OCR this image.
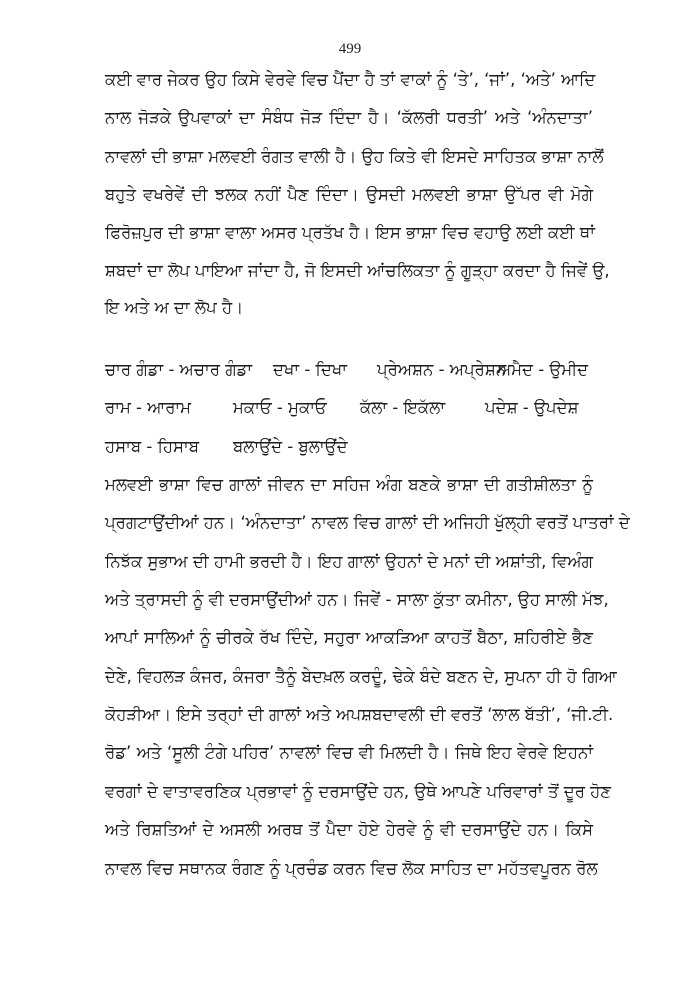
499
ਕਈ ਵਾਰ ਜੇਕਰ ਉਹ ਕਿਸੇ ਵੇਰਵੇ ਵਿਚ ਪੈਂਦਾ ਹੈ ਤਾਂ ਵਾਕਾਂ ਨੂੰ ‘ਤੇ’, ‘ਜਾਂ’, ‘ਅਤੇ’ ਆਦਿ
ਨਾਲ ਜੋੜਕੇ ਉਪਵਾਕਾਂ ਦਾ ਸੰਬੰਧ ਜੋੜ ਦਿੰਦਾ ਹੈ। ‘ਕੱਲਰੀ ਧਰਤੀ’ ਅਤੇ ‘ਅੰਨਦਾਤਾ’
ਨਾਵਲਾਂ ਦੀ ਭਾਸ਼ਾ ਮਲਵਈ ਰੰਗਤ ਵਾਲੀ ਹੈ। ਉਹ ਕਿਤੇ ਵੀ ਇਸਦੇ ਸਾਹਿਤਕ ਭਾਸ਼ਾ ਨਾਲੋਂ
ਬਹੁਤੇ ਵਖਰੇਵੇਂ ਦੀ ਝਲਕ ਨਹੀਂ ਪੈਣ ਦਿੰਦਾ। ਉਸਦੀ ਮਲਵਈ ਭਾਸ਼ਾ ਉੱਪਰ ਵੀ ਮੋਗੇ
ਫਿਰੋਜ਼ਪੁਰ ਦੀ ਭਾਸ਼ਾ ਵਾਲਾ ਅਸਰ ਪ੍ਰਤੱਖ ਹੈ। ਇਸ ਭਾਸ਼ਾ ਵਿਚ ਵਹਾਉ ਲਈ ਕਈ ਥਾਂ
ਸ਼ਬਦਾਂ ਦਾ ਲੋਪ ਪਾਇਆ ਜਾਂਦਾ ਹੈ, ਜੋ ਇਸਦੀ ਆਂਚਲਿਕਤਾ ਨੂੰ ਗੂੜ੍ਹਾ ਕਰਦਾ ਹੈ ਜਿਵੇਂ ਉ,
ਇ ਅਤੇ ਅ ਦਾ ਲੋਪ ਹੈ।
ਚਾਰ ਗੰਡਾ - ਅਚਾਰ ਗੰਡਾ ਦਖਾ - ਦਿਖਾ ਪ੍ਰੇਅਸ਼ਨ - ਅਪ੍ਰੇਸ਼ਨ
ਅਮੈਦ - ਉਮੀਦ
ਰਾਮ - ਆਰਾਮ	ਮਕਾਓ - ਮੁਕਾਓ ਕੱਲਾ - ਇਕੱਲਾ ਪਦੇਸ਼ - ਉਪਦੇਸ਼
ਹਸਾਬ - ਹਿਸਾਬ ਬਲਾਉਂਦੇ - ਬੁਲਾਉਂਦੇ
ਮਲਵਈ ਭਾਸ਼ਾ ਵਿਚ ਗਾਲਾਂ ਜੀਵਨ ਦਾ ਸਹਿਜ ਅੰਗ ਬਣਕੇ ਭਾਸ਼ਾ ਦੀ ਗਤੀਸ਼ੀਲਤਾ ਨੂੰ
ਪ੍ਰਗਟਾਉਂਦੀਆਂ ਹਨ। ‘ਅੰਨਦਾਤਾ’ ਨਾਵਲ ਵਿਚ ਗਾਲਾਂ ਦੀ ਅਜਿਹੀ ਖੁੱਲ੍ਹੀ ਵਰਤੋਂ ਪਾਤਰਾਂ ਦੇ
ਨਿਝੱਕ ਸੁਭਾਅ ਦੀ ਹਾਮੀ ਭਰਦੀ ਹੈ। ਇਹ ਗਾਲਾਂ ਉਹਨਾਂ ਦੇ ਮਨਾਂ ਦੀ ਅਸ਼ਾਂਤੀ, ਵਿਅੰਗ
ਅਤੇ ਤ੍ਰਾਸਦੀ ਨੂੰ ਵੀ ਦਰਸਾਉਂਦੀਆਂ ਹਨ। ਜਿਵੇਂ - ਸਾਲਾ ਕੁੱਤਾ ਕਮੀਨਾ, ਉਹ ਸਾਲੀ ਮੱਝ,
ਆਪਾਂ ਸਾਲਿਆਂ ਨੂੰ ਚੀਰਕੇ ਰੱਖ ਦਿੰਦੇ, ਸਹੁਰਾ ਆਕੜਿਆ ਕਾਹਤੋਂ ਬੈਠਾ, ਸ਼ਹਿਰੀਏ ਭੈਣ
ਦੇਣੇ, ਵਿਹਲੜ ਕੰਜਰ, ਕੰਜਰਾ ਤੈਨੂੰ ਬੇਦਖ਼ਲ ਕਰਦੂੰ, ਢੇਕੇ ਬੰਦੇ ਬਣਨ ਦੇ, ਸੁਪਨਾ ਹੀ ਹੋ ਗਿਆ
ਕੋਹੜੀਆ। ਇਸੇ ਤਰ੍ਹਾਂ ਦੀ ਗਾਲਾਂ ਅਤੇ ਅਪਸ਼ਬਦਾਵਲੀ ਦੀ ਵਰਤੋਂ ‘ਲਾਲ ਬੱਤੀ’, ‘ਜੀ.ਟੀ.
ਰੋਡ’ ਅਤੇ ‘ਸੂਲੀ ਟੰਗੇ ਪਹਿਰ’ ਨਾਵਲਾਂ ਵਿਚ ਵੀ ਮਿਲਦੀ ਹੈ। ਜਿਥੇ ਇਹ ਵੇਰਵੇ ਇਹਨਾਂ
ਵਰਗਾਂ ਦੇ ਵਾਤਾਵਰਣਿਕ ਪ੍ਰਭਾਵਾਂ ਨੂੰ ਦਰਸਾਉਂਦੇ ਹਨ, ਉਥੇ ਆਪਣੇ ਪਰਿਵਾਰਾਂ ਤੋਂ ਦੂਰ ਹੋਣ
ਅਤੇ ਰਿਸ਼ਤਿਆਂ ਦੇ ਅਸਲੀ ਅਰਥ ਤੋਂ ਪੈਦਾ ਹੋਏ ਹੇਰਵੇ ਨੂੰ ਵੀ ਦਰਸਾਉਂਦੇ ਹਨ। ਕਿਸੇ
ਨਾਵਲ ਵਿਚ ਸਥਾਨਕ ਰੰਗਣ ਨੂੰ ਪ੍ਰਚੰਡ ਕਰਨ ਵਿਚ ਲੋਕ ਸਾਹਿਤ ਦਾ ਮਹੱਤਵਪੂਰਨ ਰੋਲ
